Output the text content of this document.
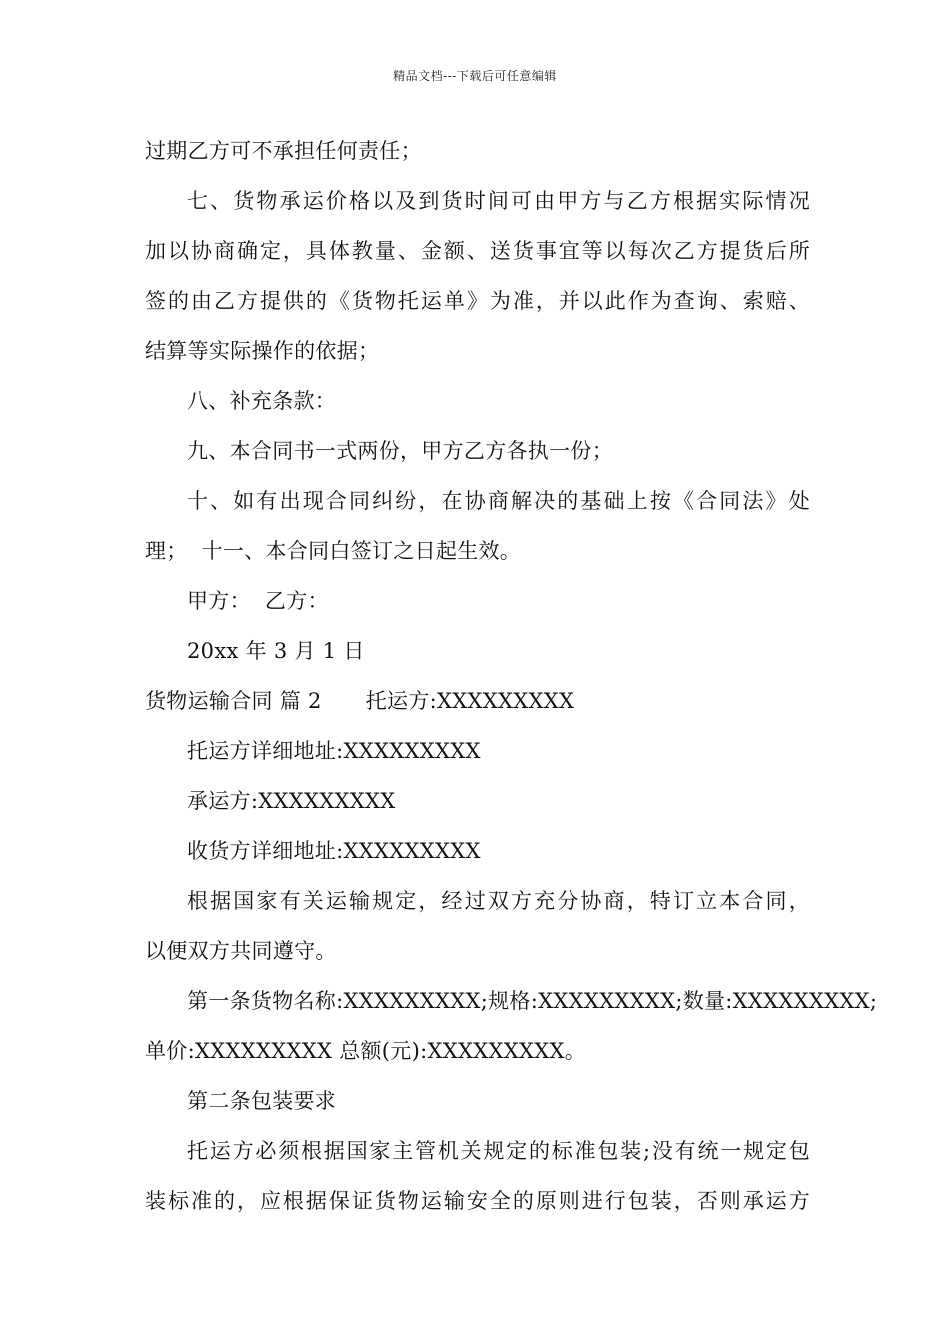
精品文档---下载后可任意编辑
过期乙方可不承担任何责任；
七、货物承运价格以及到货时间可由甲方与乙方根据实际情况
加以协商确定，具体教量、金额、送货事宜等以每次乙方提货后所
签的由乙方提供的《货物托运单》为准，并以此作为查询、索赔、
结算等实际操作的依据；
八、补充条款：
九、本合同书一式两份，甲方乙方各执一份；
十、如有出现合同纠纷，在协商解决的基础上按《合同法》处
理； 十一、本合同白签订之日起生效。
甲方： 乙方：
20xx 年 3 月 1 日
货物运输合同 篇 2 托运方:XXXXXXXXX
托运方详细地址:XXXXXXXXX
承运方:XXXXXXXXX
收货方详细地址:XXXXXXXXX
根据国家有关运输规定，经过双方充分协商，特订立本合同，
以便双方共同遵守。
第一条货物名称:XXXXXXXXX;规格:XXXXXXXXX;数量:XXXXXXXXX;
单价:XXXXXXXXX 总额(元):XXXXXXXXX。
第二条包装要求
托运方必须根据国家主管机关规定的标准包装;没有统一规定包
装标准的，应根据保证货物运输安全的原则进行包装，否则承运方
